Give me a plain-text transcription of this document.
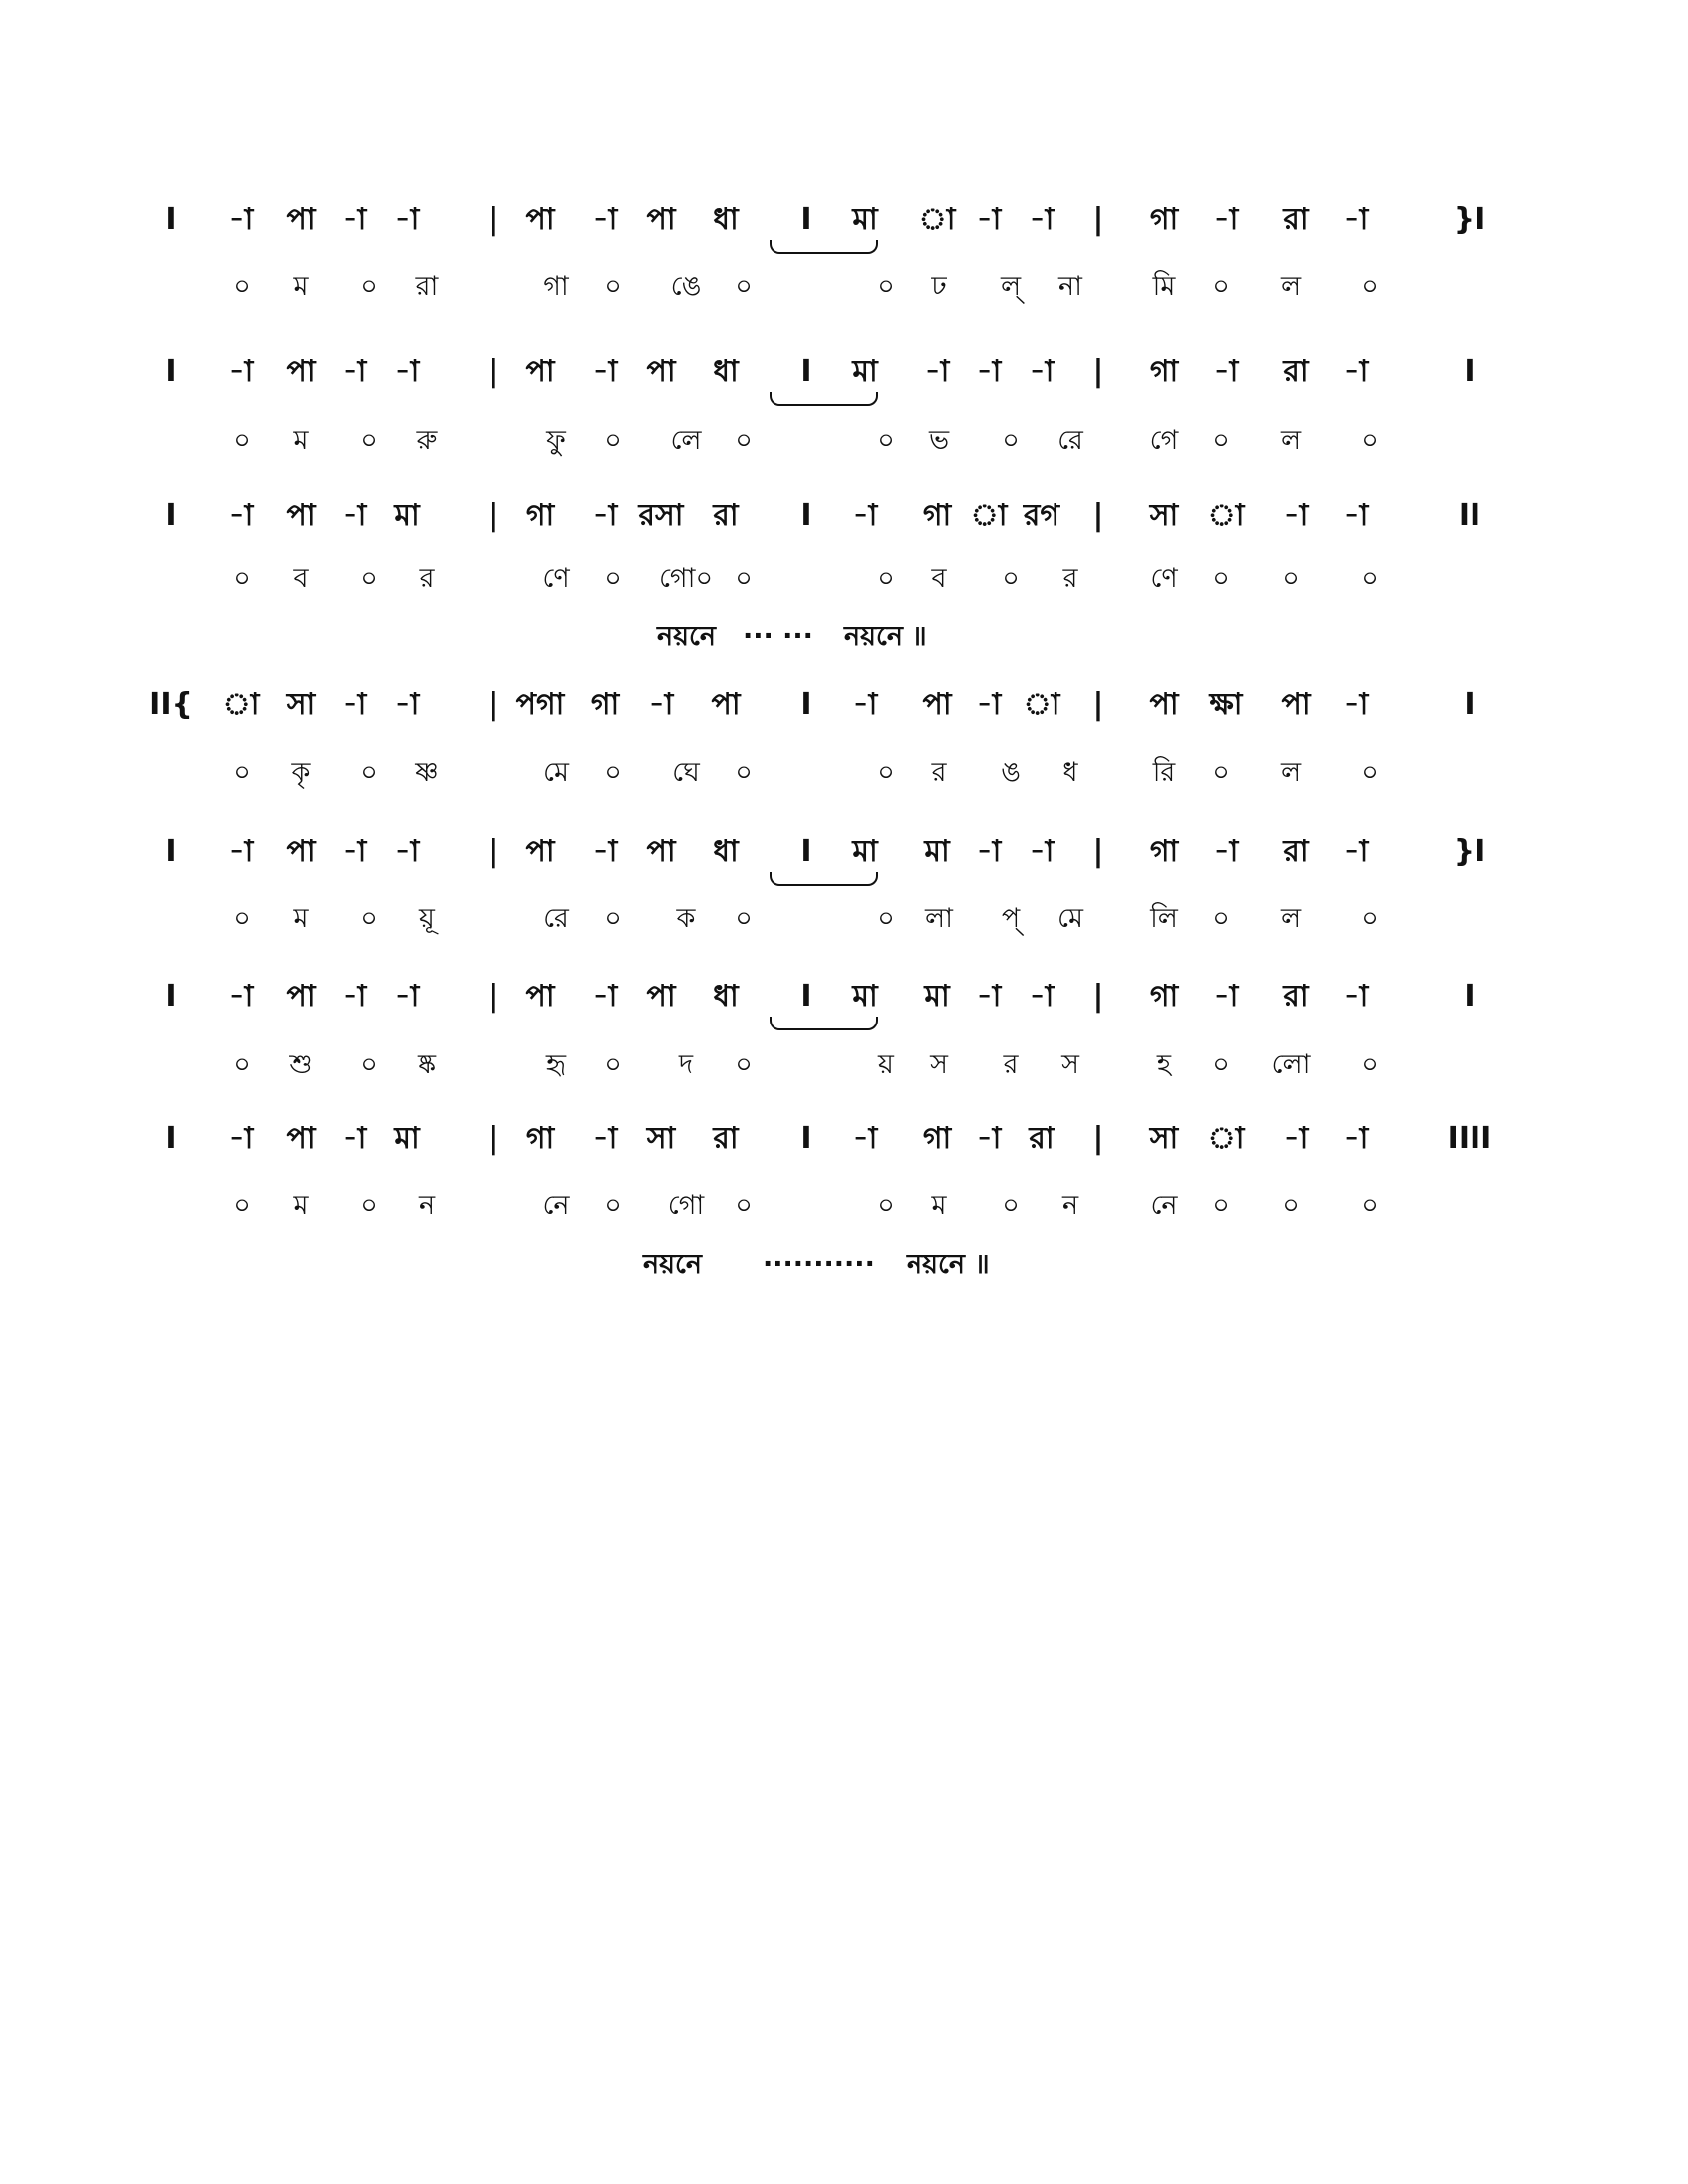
I -া পা -া -া | পা -া পা ধা I মা া -া -া | গা -া রা -া	}I
০ ম ০ রা	গা ০ ঙে ০	০ ঢ ল্ না	মি ০ ল ০
I -া পা -া -া | পা -া পা ধা I মা -া -া -া | গা -া রা -া	I
০ ম ০ রু	ফু ০ লে ০	০ ভ ০ রে গে ০ ল ০
I -া পা -া মা | গা -া রসা রা I -া গা া রগ | সা া -া -া	II
০ ব ০ র	ণে ০ গো০ ০	০ ব ০ র	ণে ০ ০ ০
II{ া সা -া -া | পগা গা -া পা I -া পা -া া | পা ক্ষা পা -া	I
০ কৃ ০ ষ্ণ	মে ০ ঘে ০	০ র ঙ ধ	রি ০ ল ০
I -া পা -া -া | পা -া পা ধা I মা মা -া -া | গা -া রা -া	}I
০ ম ০ য়ূ	রে ০ ক ০	০ লা প্ মে লি ০ ল ০
I -া পা -া -া | পা -া পা ধা I মা মা -া -া | গা -া রা -া	I
০ শু ০ ষ্ক	হৃ ০ দ ০	য় স র স	হ ০ লো ০
I -া পা -া মা | গা -া সা রা I -া গা -া রা | সা া -া -া	IIII
০ ম ০ ন	নে ০ গো ০	০ ম ০ ন	নে ০ ০ ০
নয়নে ··· ··· নয়নে ॥
নয়নে ··········· নয়নে ॥
